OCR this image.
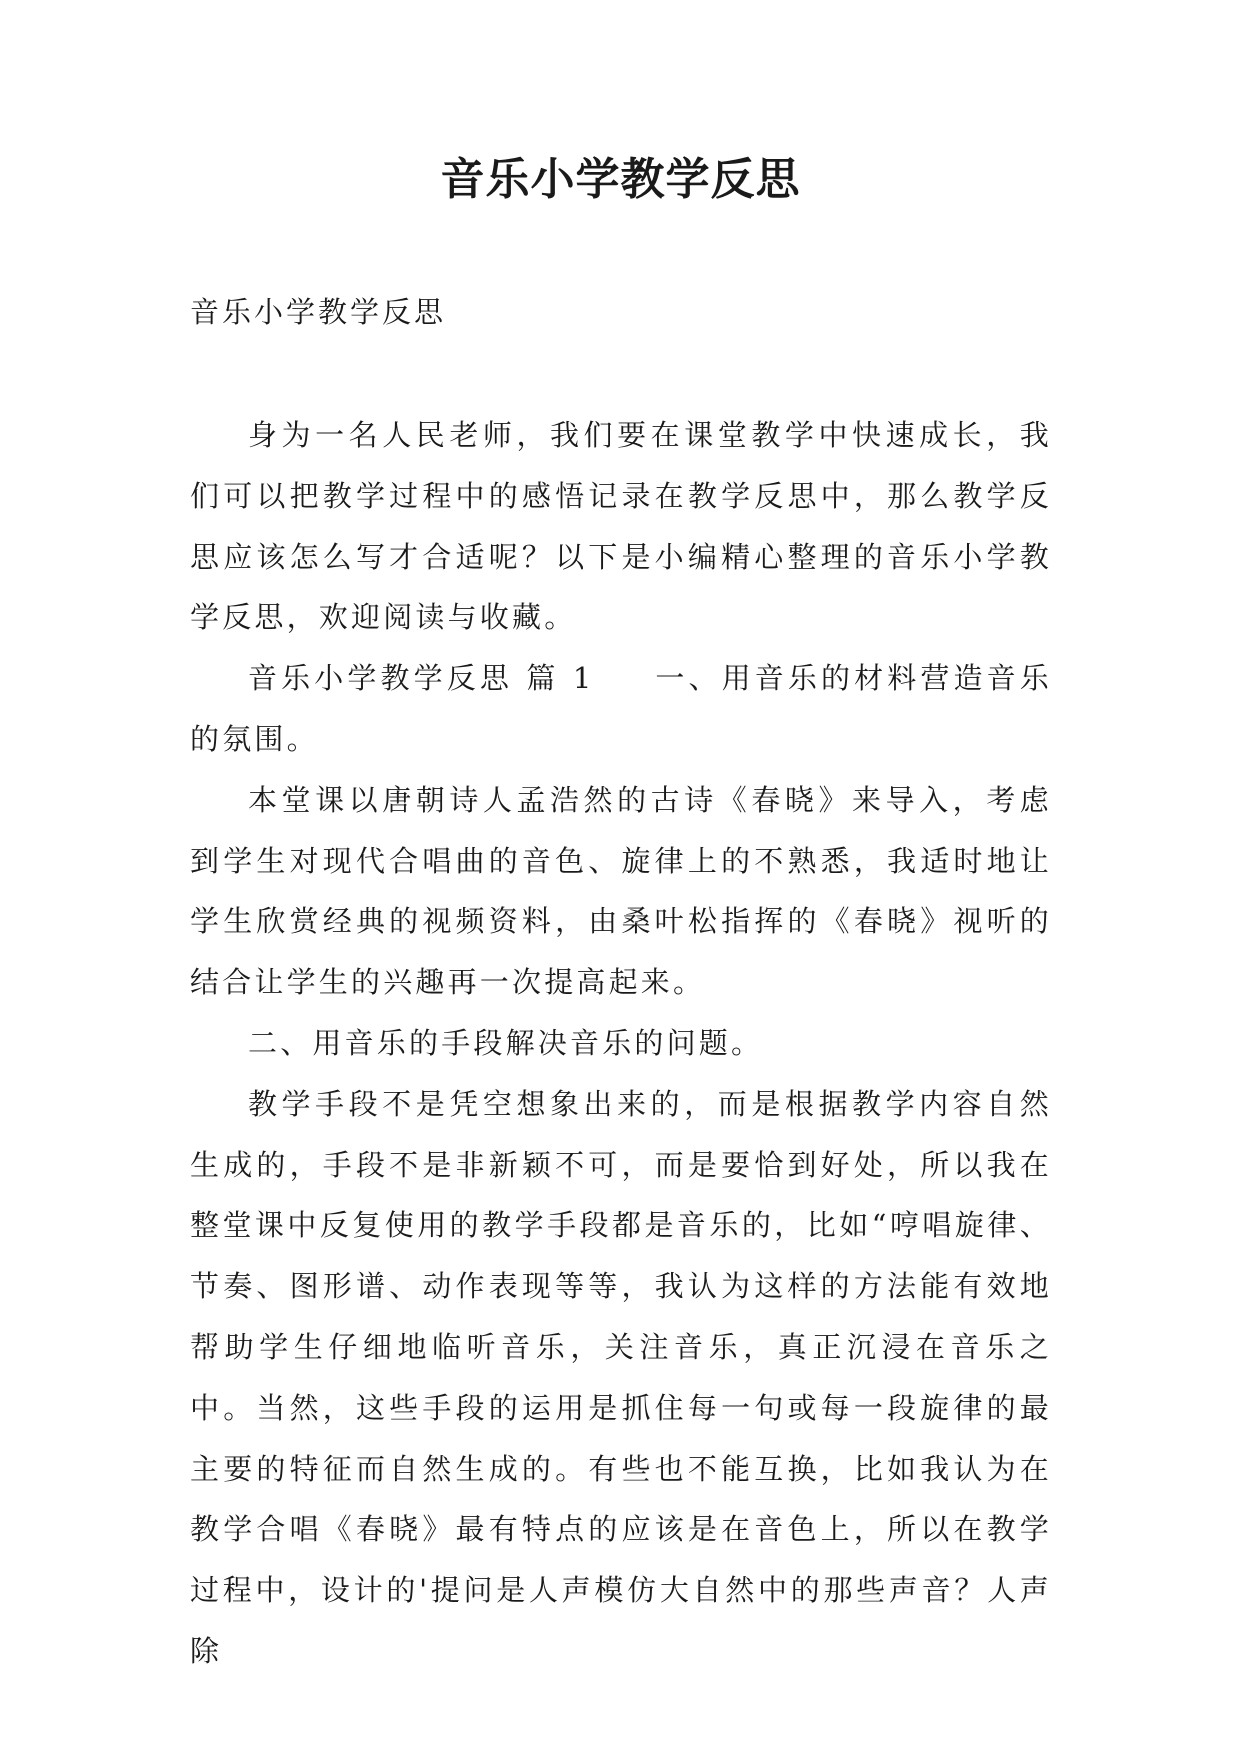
音乐小学教学反思
音乐小学教学反思

身为一名人民老师，我们要在课堂教学中快速成长，我们可以把教学过程中的感悟记录在教学反思中，那么教学反思应该怎么写才合适呢？以下是小编精心整理的音乐小学教学反思，欢迎阅读与收藏。

音乐小学教学反思 篇 1 一、用音乐的材料营造音乐的氛围。

本堂课以唐朝诗人孟浩然的古诗《春晓》来导入，考虑到学生对现代合唱曲的音色、旋律上的不熟悉，我适时地让学生欣赏经典的视频资料，由桑叶松指挥的《春晓》视听的结合让学生的兴趣再一次提高起来。

二、用音乐的手段解决音乐的问题。

教学手段不是凭空想象出来的，而是根据教学内容自然生成的，手段不是非新颖不可，而是要恰到好处，所以我在整堂课中反复使用的教学手段都是音乐的，比如“哼唱旋律、节奏、图形谱、动作表现等等，我认为这样的方法能有效地帮助学生仔细地临听音乐，关注音乐，真正沉浸在音乐之中。当然，这些手段的运用是抓住每一句或每一段旋律的最主要的特征而自然生成的。有些也不能互换，比如我认为在教学合唱《春晓》最有特点的应该是在音色上，所以在教学过程中，设计的'提问是人声模仿大自然中的那些声音？人声除
